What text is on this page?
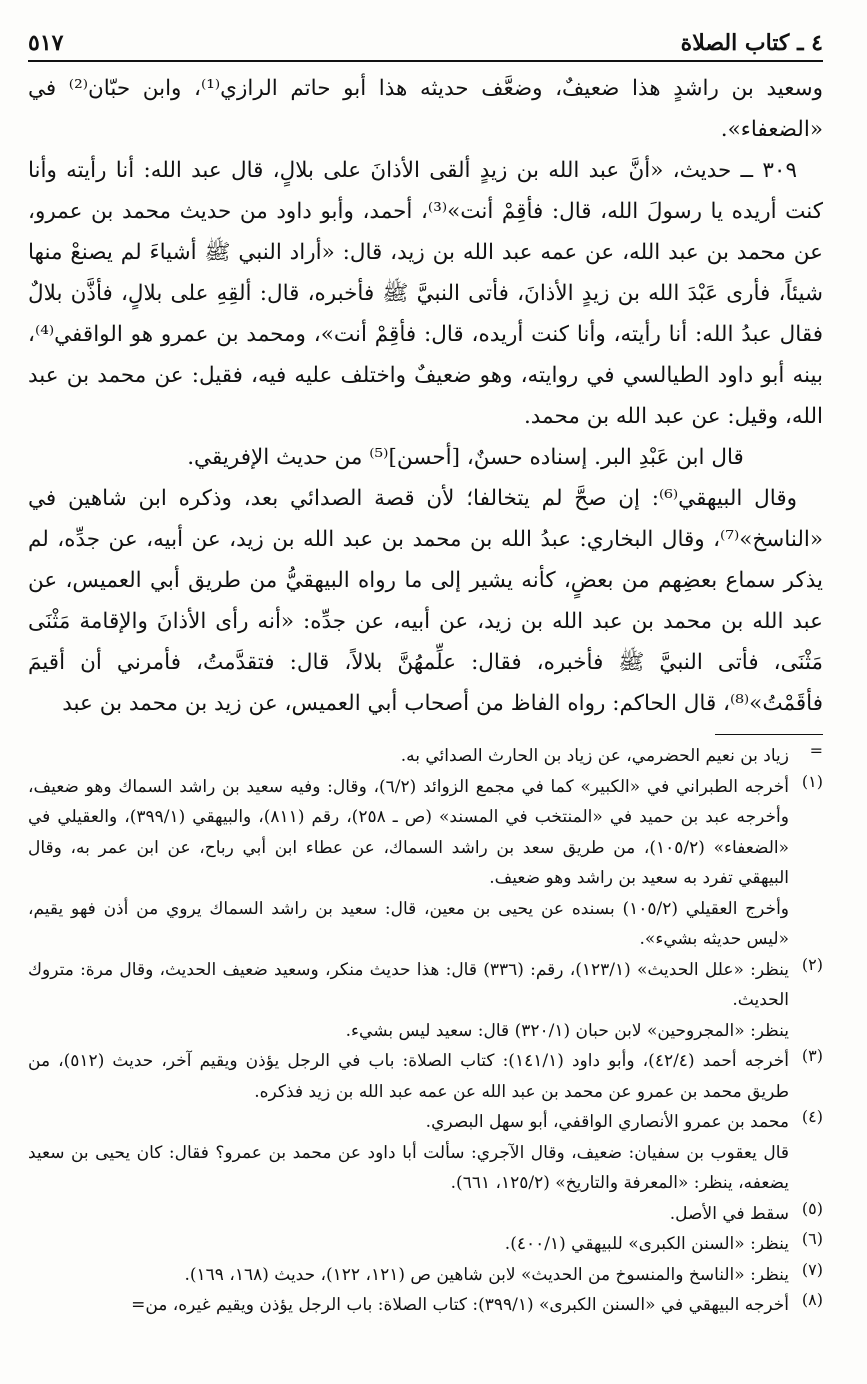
٤ ـ كتاب الصلاة
٥١٧

وسعيد بن راشدٍ هذا ضعيفٌ، وضعَّف حديثه هذا أبو حاتم الرازي⁽¹⁾، وابن حبّان⁽²⁾ في «الضعفاء».

٣٠٩ ــ حديث، «أنَّ عبد الله بن زيدٍ ألقى الأذانَ على بلالٍ، قال عبد الله: أنا رأيته وأنا كنت أريده يا رسولَ الله، قال: فأقِمْ أنت»⁽³⁾، أحمد، وأبو داود من حديث محمد بن عمرو، عن محمد بن عبد الله، عن عمه عبد الله بن زيد، قال: «أراد النبي ﷺ أشياءَ لم يصنعْ منها شيئاً، فأرى عَبْدَ الله بن زيدٍ الأذانَ، فأتى النبيَّ ﷺ فأخبره، قال: ألقِهِ على بلالٍ، فأذَّن بلالٌ فقال عبدُ الله: أنا رأيته، وأنا كنت أريده، قال: فأقِمْ أنت»، ومحمد بن عمرو هو الواقفي⁽⁴⁾، بينه أبو داود الطيالسي في روايته، وهو ضعيفٌ واختلف عليه فيه، فقيل: عن محمد بن عبد الله، وقيل: عن عبد الله بن محمد.

قال ابن عَبْدِ البر. إسناده حسنٌ، [أحسن]⁽⁵⁾ من حديث الإفريقي.

وقال البيهقي⁽⁶⁾: إن صحَّ لم يتخالفا؛ لأن قصة الصدائي بعد، وذكره ابن شاهين في «الناسخ»⁽⁷⁾، وقال البخاري: عبدُ الله بن محمد بن عبد الله بن زيد، عن أبيه، عن جدِّه، لم يذكر سماع بعضِهم من بعضٍ، كأنه يشير إلى ما رواه البيهقيُّ من طريق أبي العميس، عن عبد الله بن محمد بن عبد الله بن زيد، عن أبيه، عن جدِّه: «أنه رأى الأذانَ والإقامة مَثْنَى مَثْنَى، فأتى النبيَّ ﷺ فأخبره، فقال: علِّمهُنَّ بلالاً، قال: فتقدَّمتُ، فأمرني أن أقيمَ فأقَمْتُ»⁽⁸⁾، قال الحاكم: رواه الفاظ من أصحاب أبي العميس، عن زيد بن محمد بن عبد

=

زياد بن نعيم الحضرمي، عن زياد بن الحارث الصدائي به.

(١)

أخرجه الطبراني في «الكبير» كما في مجمع الزوائد (٦/٢)، وقال: وفيه سعيد بن راشد السماك وهو ضعيف، وأخرجه عبد بن حميد في «المنتخب في المسند» (ص ـ ٢٥٨)، رقم (٨١١)، والبيهقي (٣٩٩/١)، والعقيلي في «الضعفاء» (١٠٥/٢)، من طريق سعد بن راشد السماك، عن عطاء ابن أبي رباح، عن ابن عمر به، وقال البيهقي تفرد به سعيد بن راشد وهو ضعيف.

وأخرج العقيلي (١٠٥/٢) بسنده عن يحيى بن معين، قال: سعيد بن راشد السماك يروي من أذن فهو يقيم، «ليس حديثه بشيء».

(٢)

ينظر: «علل الحديث» (١٢٣/١)، رقم: (٣٣٦) قال: هذا حديث منكر، وسعيد ضعيف الحديث، وقال مرة: متروك الحديث.

ينظر: «المجروحين» لابن حبان (٣٢٠/١) قال: سعيد ليس بشيء.

(٣)

أخرجه أحمد (٤٢/٤)، وأبو داود (١٤١/١): كتاب الصلاة: باب في الرجل يؤذن ويقيم آخر، حديث (٥١٢)، من طريق محمد بن عمرو عن محمد بن عبد الله عن عمه عبد الله بن زيد فذكره.

(٤)

محمد بن عمرو الأنصاري الواقفي، أبو سهل البصري.

قال يعقوب بن سفيان: ضعيف، وقال الآجري: سألت أبا داود عن محمد بن عمرو؟ فقال: كان يحيى بن سعيد يضعفه، ينظر: «المعرفة والتاريخ» (١٢٥/٢، ٦٦١).

(٥)

سقط في الأصل.

(٦)

ينظر: «السنن الكبرى» للبيهقي (٤٠٠/١).

(٧)

ينظر: «الناسخ والمنسوخ من الحديث» لابن شاهين ص (١٢١، ١٢٢)، حديث (١٦٨، ١٦٩).

(٨)

أخرجه البيهقي في «السنن الكبرى» (٣٩٩/١): كتاب الصلاة: باب الرجل يؤذن ويقيم غيره، من=
